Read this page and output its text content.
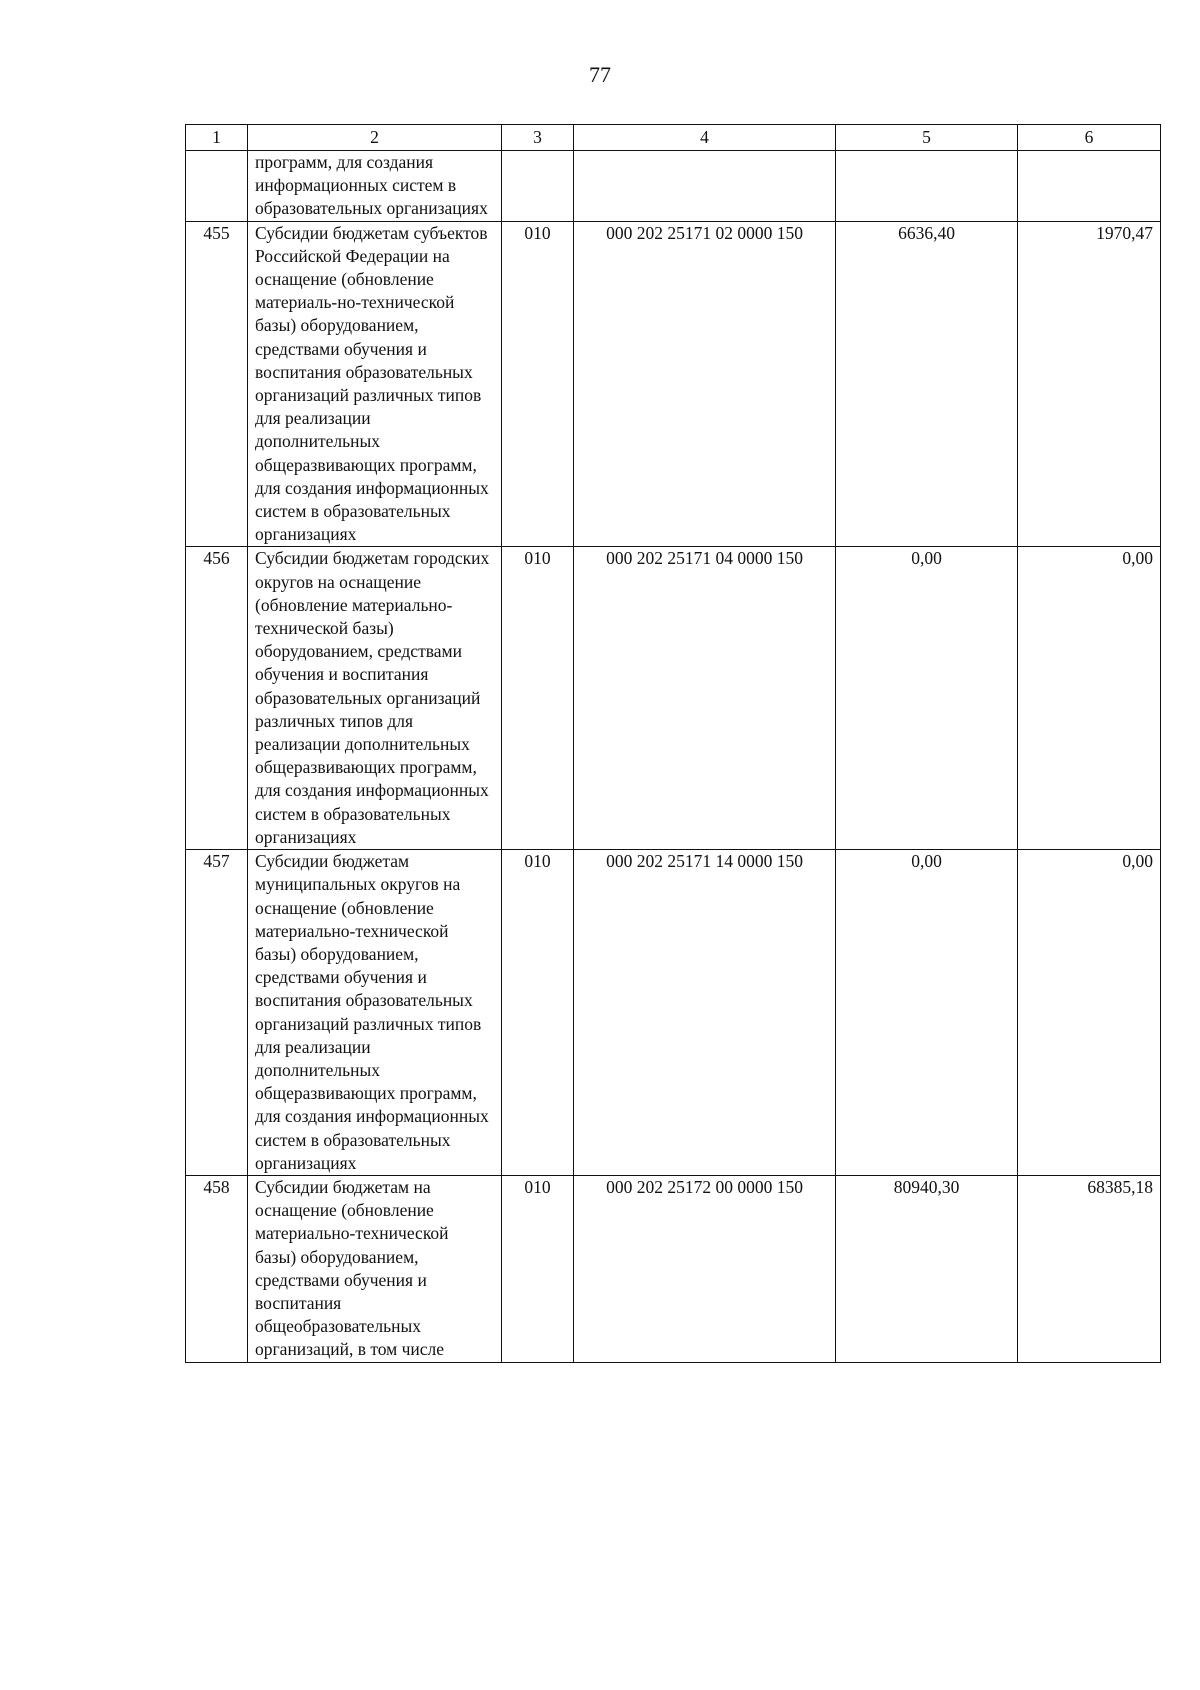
77
1	2	3	4	5	6
	программ, для создания информационных систем в образовательных организациях				
455	Субсидии бюджетам субъектов Российской Федерации на оснащение (обновление материаль-но-технической базы) оборудованием, средствами обучения и воспитания образовательных организаций различных типов для реализации дополнительных общеразвивающих программ, для создания информационных систем в образовательных организациях	010	000 202 25171 02 0000 150	6636,40	1970,47
456	Субсидии бюджетам городских округов на оснащение (обновление материально-технической базы) оборудованием, средствами обучения и воспитания образовательных организаций различных типов для реализации дополнительных общеразвивающих программ, для создания информационных систем в образовательных организациях	010	000 202 25171 04 0000 150	0,00	0,00
457	Субсидии бюджетам муниципальных округов на оснащение (обновление материально-технической базы) оборудованием, средствами обучения и воспитания образовательных организаций различных типов для реализации дополнительных общеразвивающих программ, для создания информационных систем в образовательных организациях	010	000 202 25171 14 0000 150	0,00	0,00
458	Субсидии бюджетам на оснащение (обновление материально-технической базы) оборудованием, средствами обучения и воспитания общеобразовательных организаций, в том числе	010	000 202 25172 00 0000 150	80940,30	68385,18
